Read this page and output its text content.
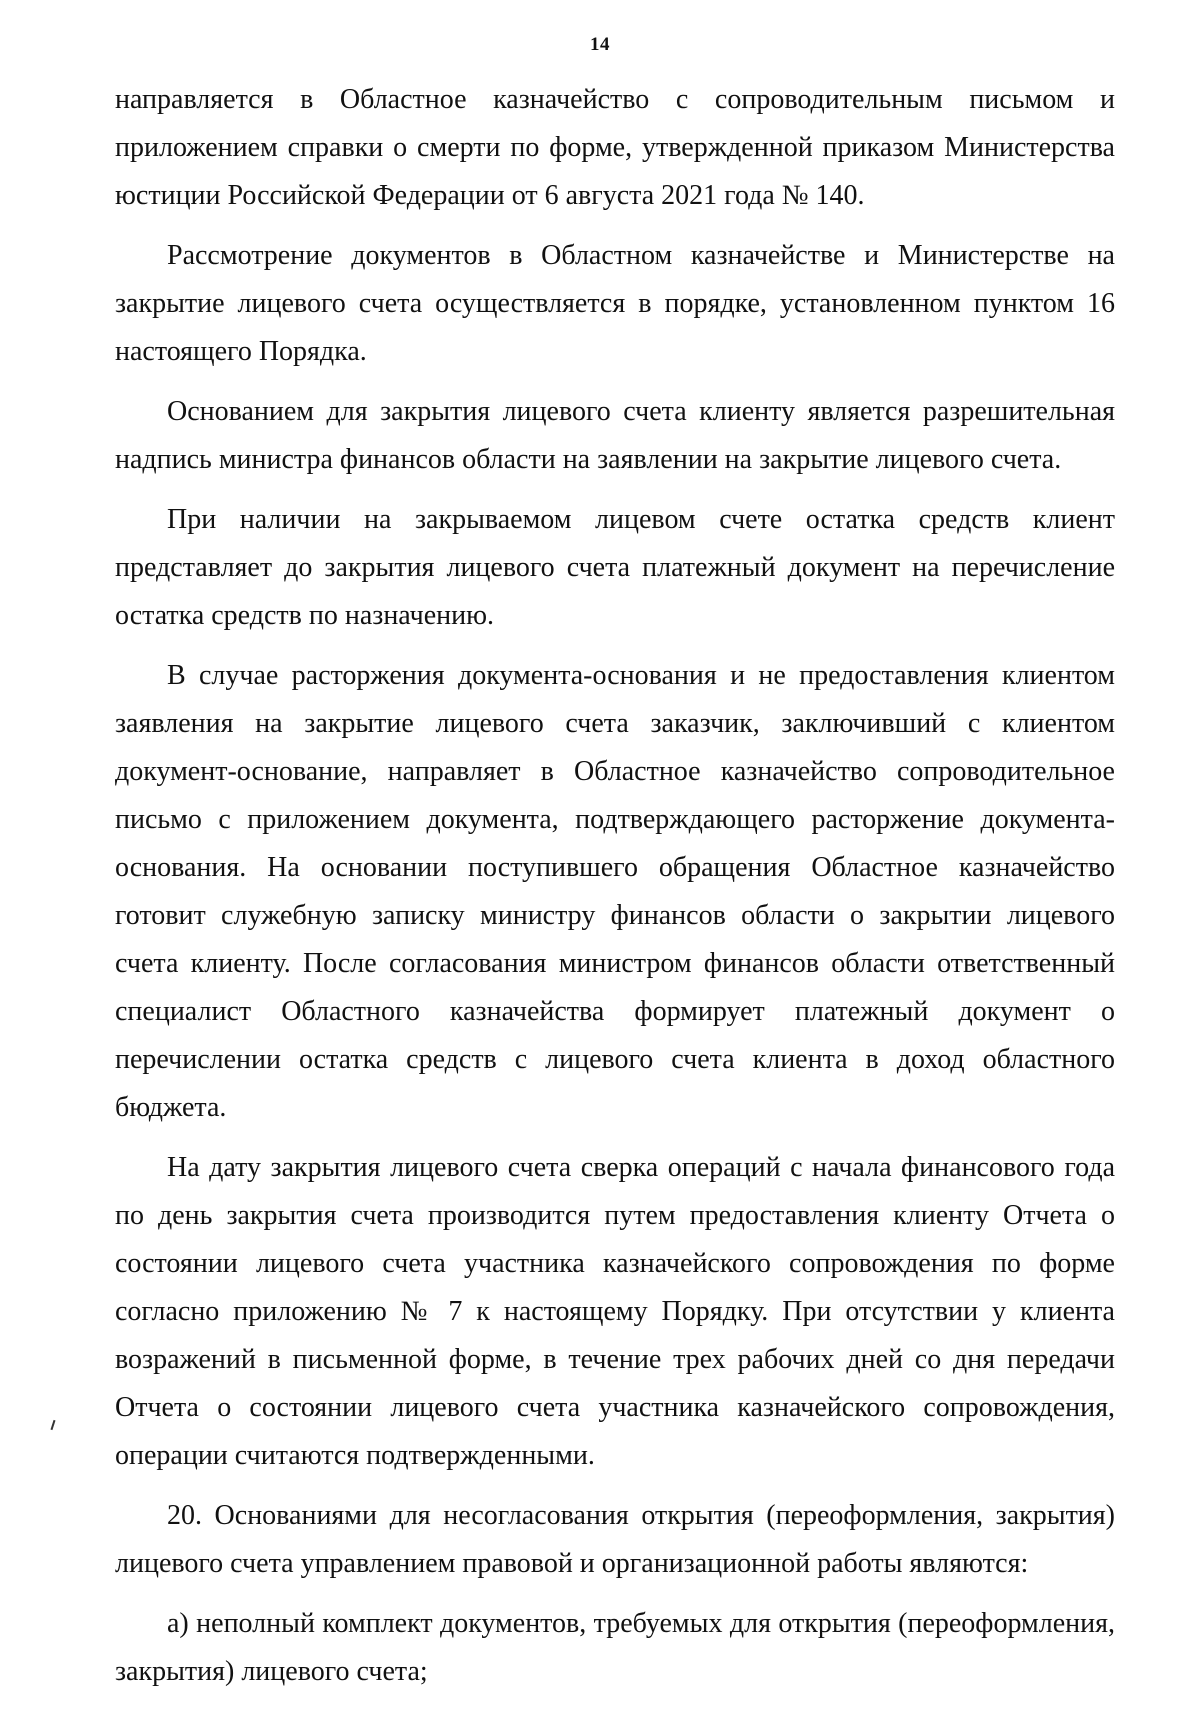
14

направляется в Областное казначейство с сопроводительным письмом и приложением справки о смерти по форме, утвержденной приказом Министерства юстиции Российской Федерации от 6 августа 2021 года № 140.

Рассмотрение документов в Областном казначействе и Министерстве на закрытие лицевого счета осуществляется в порядке, установленном пунктом 16 настоящего Порядка.

Основанием для закрытия лицевого счета клиенту является разрешительная надпись министра финансов области на заявлении на закрытие лицевого счета.

При наличии на закрываемом лицевом счете остатка средств клиент представляет до закрытия лицевого счета платежный документ на перечисление остатка средств по назначению.

В случае расторжения документа-основания и не предоставления клиентом заявления на закрытие лицевого счета заказчик, заключивший с клиентом документ-основание, направляет в Областное казначейство сопроводительное письмо с приложением документа, подтверждающего расторжение документа-основания. На основании поступившего обращения Областное казначейство готовит служебную записку министру финансов области о закрытии лицевого счета клиенту. После согласования министром финансов области ответственный специалист Областного казначейства формирует платежный документ о перечислении остатка средств с лицевого счета клиента в доход областного бюджета.

На дату закрытия лицевого счета сверка операций с начала финансового года по день закрытия счета производится путем предоставления клиенту Отчета о состоянии лицевого счета участника казначейского сопровождения по форме согласно приложению № 7 к настоящему Порядку. При отсутствии у клиента возражений в письменной форме, в течение трех рабочих дней со дня передачи Отчета о состоянии лицевого счета участника казначейского сопровождения, операции считаются подтвержденными.

20. Основаниями для несогласования открытия (переоформления, закрытия) лицевого счета управлением правовой и организационной работы являются:

а) неполный комплект документов, требуемых для открытия (переоформления, закрытия) лицевого счета;
